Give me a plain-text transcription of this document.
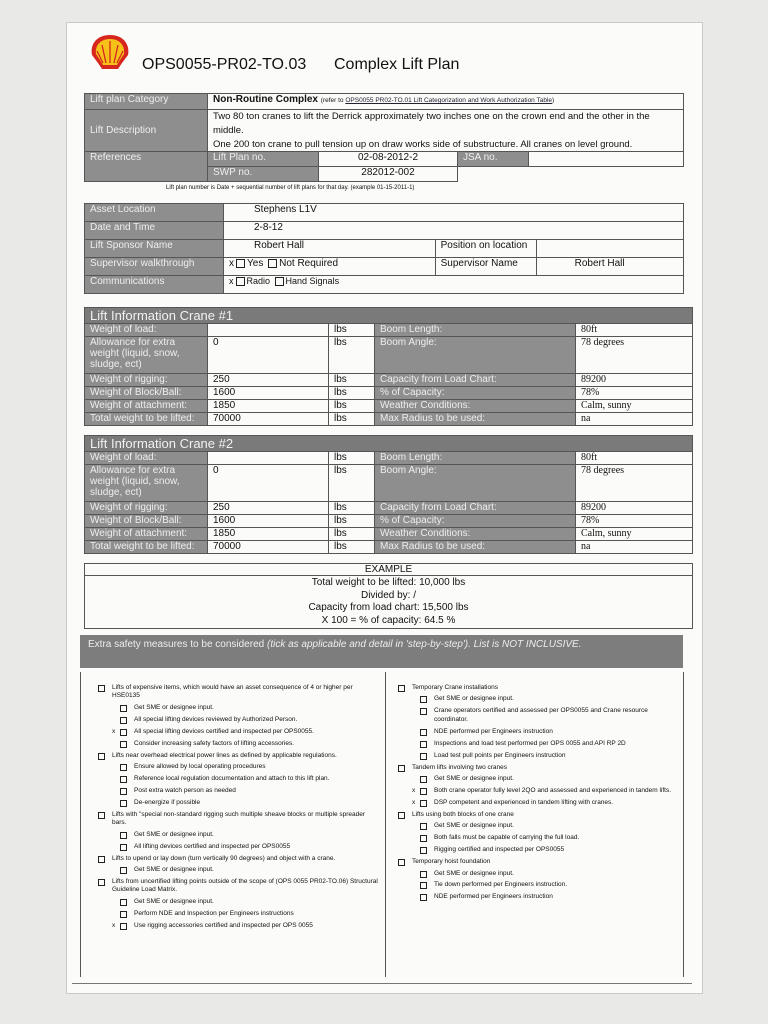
OPS0055-PR02-TO.03 Complex Lift Plan
Lift plan Category	Non-Routine Complex (refer to OPS0055 PR02-TO.01 Lift Categorization and Work Authorization Table)			
Lift Description	Two 80 ton cranes to lift the Derrick approximately two inches one on the crown end and the other in the middle.
One 200 ton crane to pull tension up on draw works side of substructure. All cranes on level ground.			

References	Lift Plan no.	02-08-2012-2	JSA no.	
	SWP no.	282012-002		
Lift plan number is Date + sequential number of lift plans for that day. (example 01-15-2011-1)
Asset Location	Stephens L1V		
Date and Time	2-8-12		
Lift Sponsor Name	Robert Hall	Position on location	
Supervisor walkthrough	x Yes Not Required	Supervisor Name	Robert Hall
Communications	x Radio Hand Signals		
Lift Information Crane #1				
Weight of load:		lbs	Boom Length:	80ft
Allowance for extra weight (liquid, snow, sludge, ect)	0	lbs	Boom Angle:	78 degrees
Weight of rigging:	250	lbs	Capacity from Load Chart:	89200
Weight of Block/Ball:	1600	lbs	% of Capacity:	78%
Weight of attachment:	1850	lbs	Weather Conditions:	Calm, sunny
Total weight to be lifted:	70000	lbs	Max Radius to be used:	na
Lift Information Crane #2				
Weight of load:		lbs	Boom Length:	80ft
Allowance for extra weight (liquid, snow, sludge, ect)	0	lbs	Boom Angle:	78 degrees
Weight of rigging:	250	lbs	Capacity from Load Chart:	89200
Weight of Block/Ball:	1600	lbs	% of Capacity:	78%
Weight of attachment:	1850	lbs	Weather Conditions:	Calm, sunny
Total weight to be lifted:	70000	lbs	Max Radius to be used:	na
EXAMPLE

Total weight to be lifted: 10,000 lbs
Divided by: /
Capacity from load chart: 15,500 lbs
X 100 = % of capacity: 64.5 %
Extra safety measures to be considered (tick as applicable and detail in 'step-by-step'). List is NOT INCLUSIVE.
Lifts of expensive items, which would have an asset consequence of 4 or higher per HSE0135
Get SME or designee input.
All special lifting devices reviewed by Authorized Person.
x	All special lifting devices certified and inspected per OPS0055.
Consider increasing safety factors of lifting accessories.
Lifts near overhead electrical power lines as defined by applicable regulations.
Ensure allowed by local operating procedures
Reference local regulation documentation and attach to this lift plan.
Post extra watch person as needed
De-energize if possible
Lifts with "special non-standard rigging such multiple sheave blocks or multiple spreader bars.
Get SME or designee input.
All lifting devices certified and inspected per OPS0055
Lifts to upend or lay down (turn vertically 90 degrees) and object with a crane.
Get SME or designee input.
Lifts from uncertified lifting points outside of the scope of (OPS 0055 PR02-TO.06) Structural Guideline Load Matrix.
Get SME or designee input.
Perform NDE and Inspection per Engineers instructions
x	Use rigging accessories certified and inspected per OPS 0055
Temporary Crane installations
Get SME or designee input.
Crane operators certified and assessed per OPS0055 and Crane resource coordinator.
NDE performed per Engineers instruction
Inspections and load test performed per OPS 0055 and API RP 2D
Load test pull points per Engineers instruction
Tandem lifts involving two cranes
Get SME or designee input.
x	Both crane operator fully level 2QO and assessed and experienced in tandem lifts.
x	DSP competent and experienced in tandem lifting with cranes.
Lifts using both blocks of one crane
Get SME or designee input.
Both falls must be capable of carrying the full load.
Rigging certified and inspected per OPS0055
Temporary hoist foundation
Get SME or designee input.
Tie down performed per Engineers instruction.
NDE performed per Engineers instruction
